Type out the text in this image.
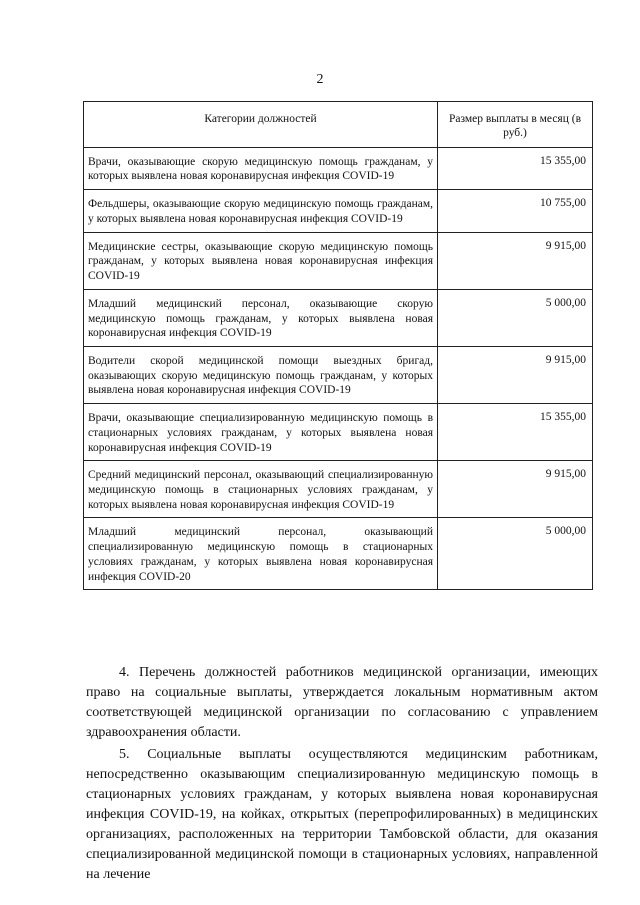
2
Категории должностей	Размер выплаты в месяц (в руб.)
Врачи, оказывающие скорую медицинскую помощь гражданам, у которых выявлена новая коронавирусная инфекция COVID-19	15 355,00
Фельдшеры, оказывающие скорую медицинскую помощь гражданам, у которых выявлена новая коронавирусная инфекция COVID-19	10 755,00
Медицинские сестры, оказывающие скорую медицинскую помощь гражданам, у которых выявлена новая коронавирусная инфекция COVID-19	9 915,00
Младший медицинский персонал, оказывающие скорую медицинскую помощь гражданам, у которых выявлена новая коронавирусная инфекция COVID-19	5 000,00
Водители скорой медицинской помощи выездных бригад, оказывающих скорую медицинскую помощь гражданам, у которых выявлена новая коронавирусная инфекция COVID-19	9 915,00
Врачи, оказывающие специализированную медицинскую помощь в стационарных условиях гражданам, у которых выявлена новая коронавирусная инфекция COVID-19	15 355,00
Средний медицинский персонал, оказывающий специализированную медицинскую помощь в стационарных условиях гражданам, у которых выявлена новая коронавирусная инфекция COVID-19	9 915,00
Младший медицинский персонал, оказывающий специализированную медицинскую помощь в стационарных условиях гражданам, у которых выявлена новая коронавирусная инфекция COVID-20	5 000,00

4. Перечень должностей работников медицинской организации, имеющих право на социальные выплаты, утверждается локальным нормативным актом соответствующей медицинской организации по согласованию с управлением здравоохранения области.

5. Социальные выплаты осуществляются медицинским работникам, непосредственно оказывающим специализированную медицинскую помощь в стационарных условиях гражданам, у которых выявлена новая коронавирусная инфекция COVID-19, на койках, открытых (перепрофилированных) в медицинских организациях, расположенных на территории Тамбовской области, для оказания специализированной медицинской помощи в стационарных условиях, направленной на лечение
